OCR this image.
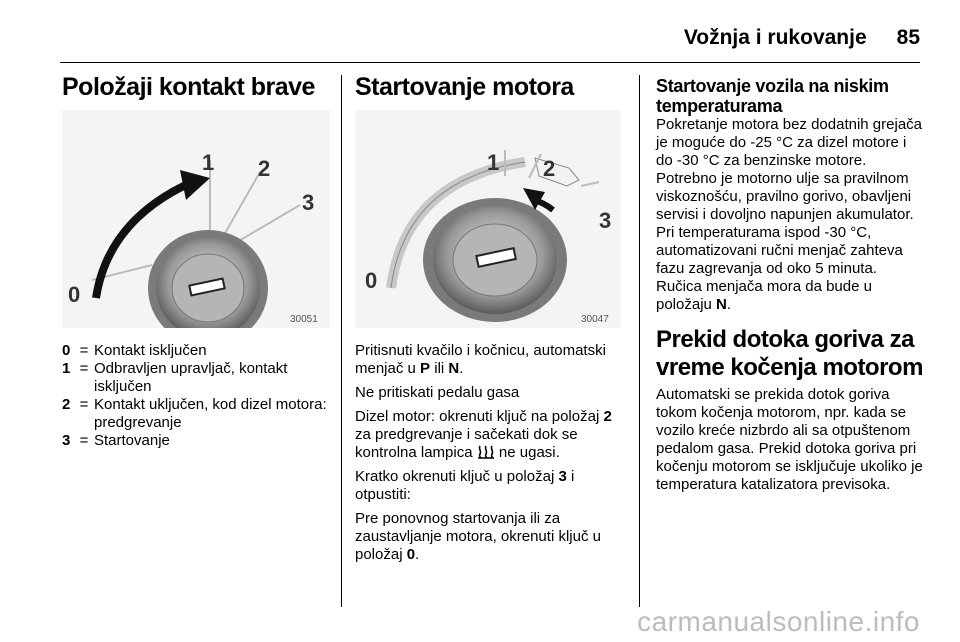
Vožnja i rukovanje 85
Položaji kontakt brave
1 2
3
0
30051
0 = Kontakt isključen
1 = Odbravljen upravljač, kontakt isključen
2 = Kontakt uključen, kod dizel motora: predgrevanje
3 = Startovanje
Startovanje motora
1 2
3
0
30047

Pritisnuti kvačilo i kočnicu, automatski menjač u P ili N.

Ne pritiskati pedalu gasa

Dizel motor: okrenuti ključ na položaj 2 za predgrevanje i sačekati dok se kontrolna lampica  ne ugasi.

Kratko okrenuti ključ u položaj 3 i otpustiti:

Pre ponovnog startovanja ili za zaustavljanje motora, okrenuti ključ u položaj 0.

Startovanje vozila na niskim temperaturama

Pokretanje motora bez dodatnih grejača je moguće do -25 °C za dizel motore i do -30 °C za benzinske motore. Potrebno je motorno ulje sa pravilnom viskoznošću, pravilno gorivo, obavljeni servisi i dovoljno napunjen akumulator. Pri temperaturama ispod -30 °C, automatizovani ručni menjač zahteva fazu zagrevanja od oko 5 minuta. Ručica menjača mora da bude u položaju N.

Prekid dotoka goriva za vreme kočenja motorom

Automatski se prekida dotok goriva tokom kočenja motorom, npr. kada se vozilo kreće nizbrdo ali sa otpuštenom pedalom gasa. Prekid dotoka goriva pri kočenju motorom se isključuje ukoliko je temperatura katalizatora previsoka.

carmanualsonline.info
